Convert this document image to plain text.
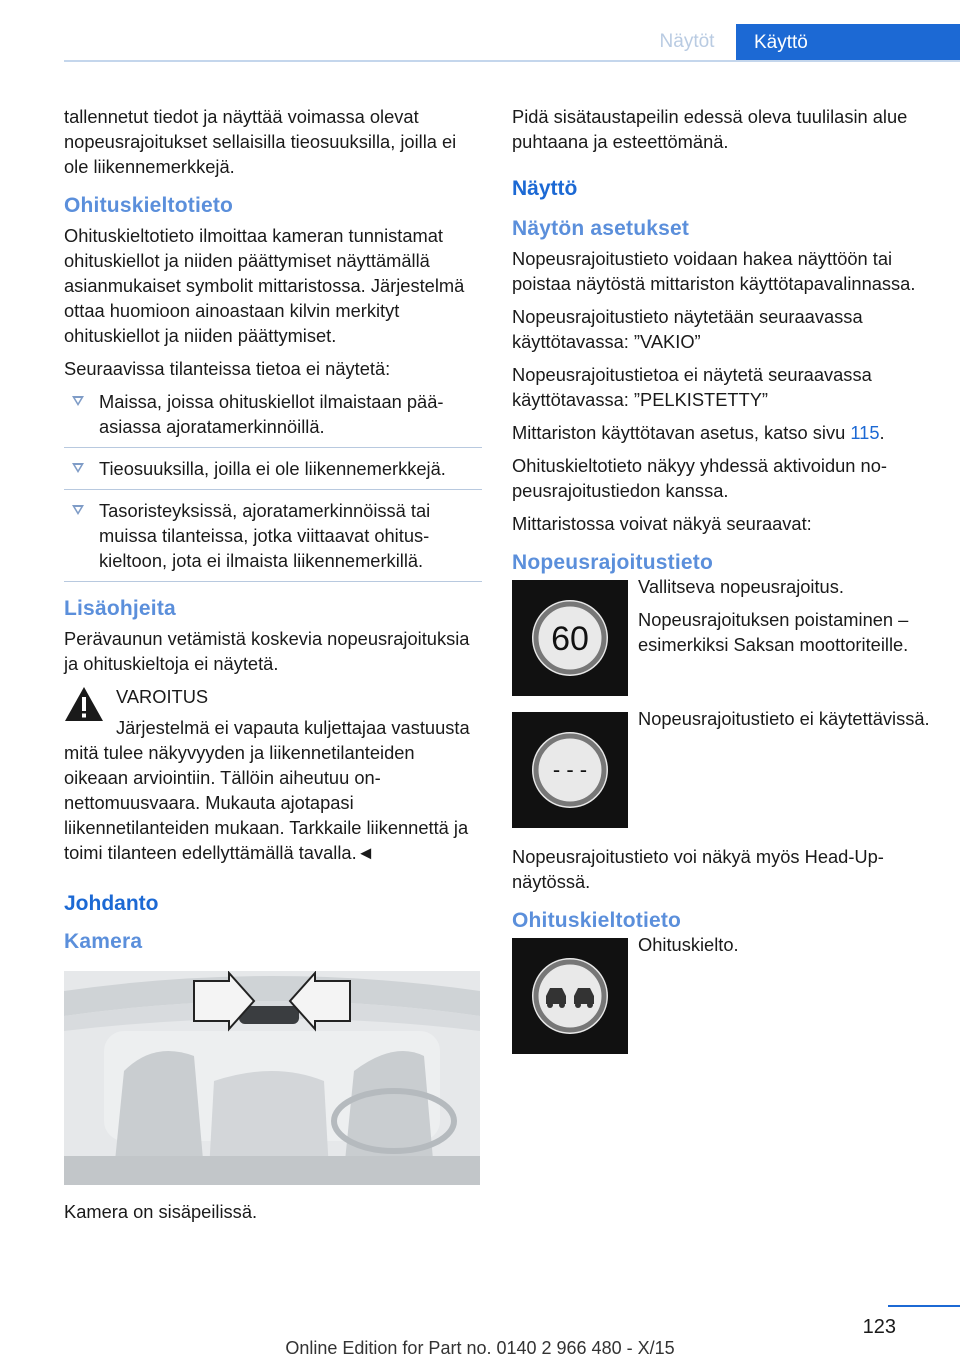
Näytöt	Käyttö

tallennetut tiedot ja näyttää voimassa olevat nopeusrajoitukset sellaisilla tieosuuksilla, joilla ei ole liikennemerkkejä.

Ohituskieltotieto

Ohituskieltotieto ilmoittaa kameran tunnistamat ohituskiellot ja niiden päättymiset näyttämällä asianmukaiset symbolit mittaristossa. Järjestelmä ottaa huomioon ainoastaan kilvin merkityt ohituskiellot ja niiden päättymiset.

Seuraavissa tilanteissa tietoa ei näytetä:

Maissa, joissa ohituskiellot ilmaistaan pääasiassa ajoratamerkinnöillä.
Tieosuuksilla, joilla ei ole liikennemerkkejä.
Tasoristeyksissä, ajoratamerkinnöissä tai muissa tilanteissa, jotka viittaavat ohituskieltoon, jota ei ilmaista liikennemerkillä.
Lisäohjeita

Perävaunun vetämistä koskevia nopeusrajoituksia ja ohituskieltoja ei näytetä.

VAROITUS

Järjestelmä ei vapauta kuljettajaa vastuusta mitä tulee näkyvyyden ja liikennetilanteiden oikeaan arviointiin. Tällöin aiheutuu onnettomuusvaara. Mukauta ajotapasi liikennetilanteiden mukaan. Tarkkaile liikennettä ja toimi tilanteen edellyttämällä tavalla.◄

Johdanto
Kamera

Kamera on sisäpeilissä.

Pidä sisätaustapeilin edessä oleva tuulilasin alue puhtaana ja esteettömänä.

Näyttö
Näytön asetukset

Nopeusrajoitustieto voidaan hakea näyttöön tai poistaa näytöstä mittariston käyttötapavalinnassa.

Nopeusrajoitustieto näytetään seuraavassa käyttötavassa: ”VAKIO”

Nopeusrajoitustietoa ei näytetä seuraavassa käyttötavassa: ”PELKISTETTY”

Mittariston käyttötavan asetus, katso sivu 115.

Ohituskieltotieto näkyy yhdessä aktivoidun nopeusrajoitustiedon kanssa.

Mittaristossa voivat näkyä seuraavat:

Nopeusrajoitustieto
60

Vallitseva nopeusrajoitus.

Nopeusrajoituksen poistaminen – esimerkiksi Saksan moottoriteille.

- - -

Nopeusrajoitustieto ei käytettävissä.

Nopeusrajoitustieto voi näkyä myös Head-Up-näytössä.

Ohituskieltotieto

Ohituskielto.

123
Online Edition for Part no. 0140 2 966 480 - X/15
